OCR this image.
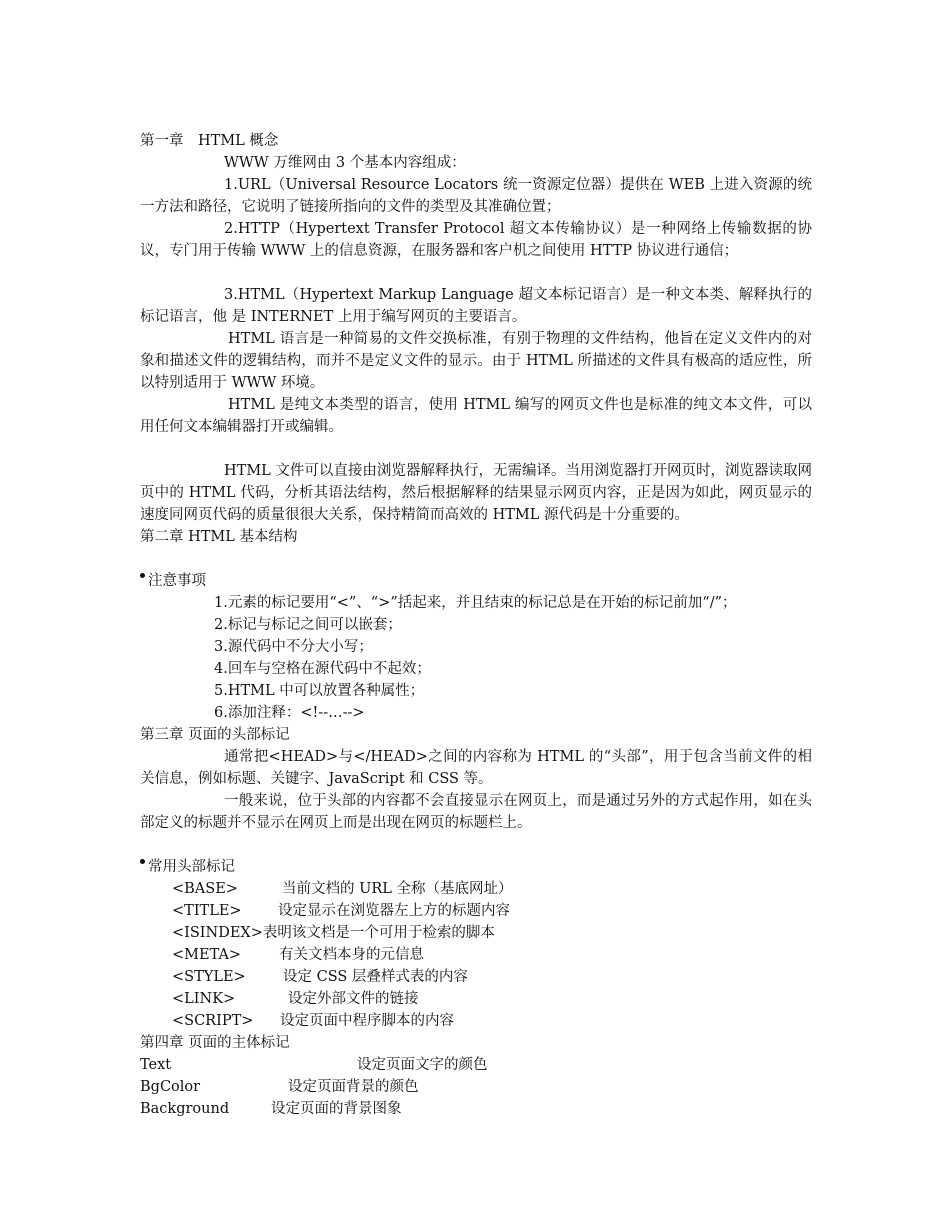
第一章　HTML 概念
WWW 万维网由 3 个基本内容组成：
1.URL（Universal Resource Locators 统一资源定位器）提供在 WEB 上进入资源的统一方法和路径，它说明了链接所指向的文件的类型及其准确位置；
2.HTTP（Hypertext Transfer Protocol 超文本传输协议）是一种网络上传输数据的协议，专门用于传输 WWW 上的信息资源，在服务器和客户机之间使用 HTTP 协议进行通信；
3.HTML（Hypertext Markup Language 超文本标记语言）是一种文本类、解释执行的标记语言，他 是 INTERNET 上用于编写网页的主要语言。
HTML 语言是一种简易的文件交换标准，有别于物理的文件结构，他旨在定义文件内的对象和描述文件的逻辑结构，而并不是定义文件的显示。由于 HTML 所描述的文件具有极高的适应性，所以特别适用于 WWW 环境。
HTML 是纯文本类型的语言，使用 HTML 编写的网页文件也是标准的纯文本文件，可以用任何文本编辑器打开或编辑。
HTML 文件可以直接由浏览器解释执行，无需编译。当用浏览器打开网页时，浏览器读取网页中的 HTML 代码，分析其语法结构，然后根据解释的结果显示网页内容，正是因为如此，网页显示的速度同网页代码的质量很很大关系，保持精简而高效的 HTML 源代码是十分重要的。
第二章 HTML 基本结构
注意事项
1.元素的标记要用“<”、“>”括起来，并且结束的标记总是在开始的标记前加“/”；
2.标记与标记之间可以嵌套；
3.源代码中不分大小写；
4.回车与空格在源代码中不起效；
5.HTML 中可以放置各种属性；
6.添加注释：<!--…-->
第三章 页面的头部标记
通常把<HEAD>与</HEAD>之间的内容称为 HTML 的“头部”，用于包含当前文件的相关信息，例如标题、关键字、JavaScript 和 CSS 等。
一般来说，位于头部的内容都不会直接显示在网页上，而是通过另外的方式起作用，如在头部定义的标题并不显示在网页上而是出现在网页的标题栏上。
常用头部标记
<BASE>	当前文档的 URL 全称（基底网址）
<TITLE>	设定显示在浏览器左上方的标题内容
<ISINDEX> 表明该文档是一个可用于检索的脚本
<META>	有关文档本身的元信息
<STYLE>	设定 CSS 层叠样式表的内容
<LINK>	设定外部文件的链接
<SCRIPT>	设定页面中程序脚本的内容
第四章 页面的主体标记
Text	设定页面文字的颜色
BgColor	设定页面背景的颜色
Background	设定页面的背景图象
